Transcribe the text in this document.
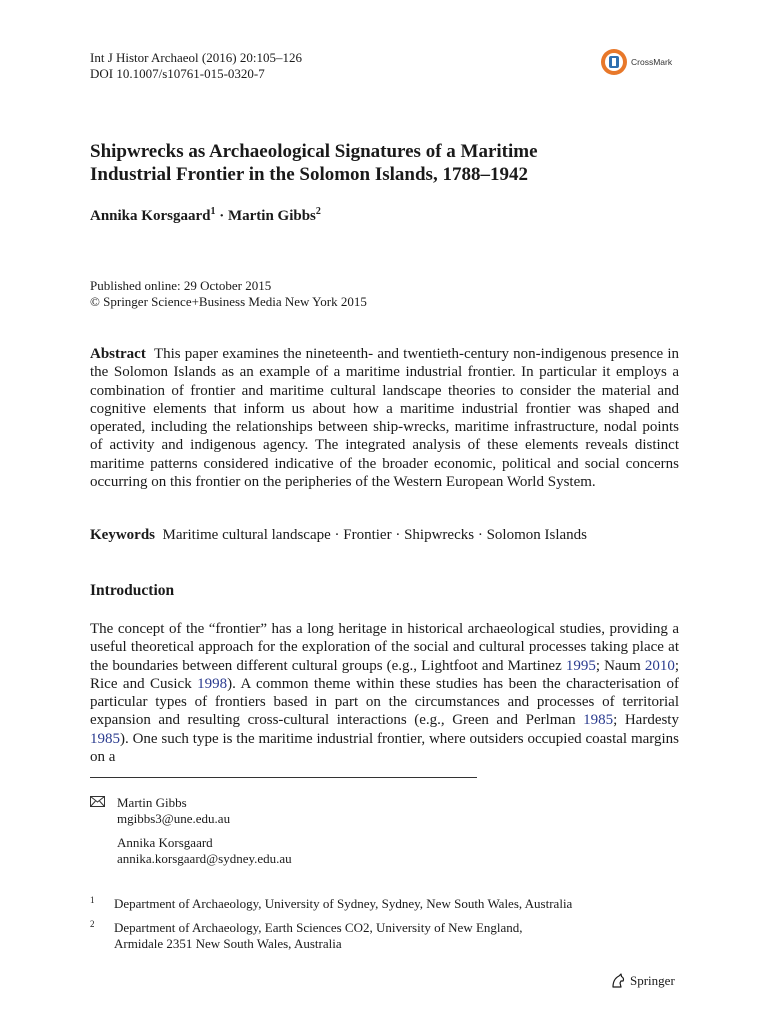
Int J Histor Archaeol (2016) 20:105–126
DOI 10.1007/s10761-015-0320-7
CrossMark
Shipwrecks as Archaeological Signatures of a Maritime
Industrial Frontier in the Solomon Islands, 1788–1942
Annika Korsgaard$^1$ · Martin Gibbs$^2$
Published online: 29 October 2015
© Springer Science+Business Media New York 2015
Abstract This paper examines the nineteenth- and twentieth-century non-indigenous presence in the Solomon Islands as an example of a maritime industrial frontier. In particular it employs a combination of frontier and maritime cultural landscape theories to consider the material and cognitive elements that inform us about how a maritime industrial frontier was shaped and operated, including the relationships between ship-wrecks, maritime infrastructure, nodal points of activity and indigenous agency. The integrated analysis of these elements reveals distinct maritime patterns considered indicative of the broader economic, political and social concerns occurring on this frontier on the peripheries of the Western European World System.
Keywords Maritime cultural landscape · Frontier · Shipwrecks · Solomon Islands
Introduction
The concept of the “frontier” has a long heritage in historical archaeological studies, providing a useful theoretical approach for the exploration of the social and cultural processes taking place at the boundaries between different cultural groups (e.g., Lightfoot and Martinez 1995; Naum 2010; Rice and Cusick 1998). A common theme within these studies has been the characterisation of particular types of frontiers based in part on the circumstances and processes of territorial expansion and resulting cross-cultural interactions (e.g., Green and Perlman 1985; Hardesty 1985). One such type is the maritime industrial frontier, where outsiders occupied coastal margins on a
Martin Gibbs
mgibbs3@une.edu.au
Annika Korsgaard
annika.korsgaard@sydney.edu.au
1 Department of Archaeology, University of Sydney, Sydney, New South Wales, Australia
2 Department of Archaeology, Earth Sciences CO2, University of New England,
Armidale 2351 New South Wales, Australia
Springer
